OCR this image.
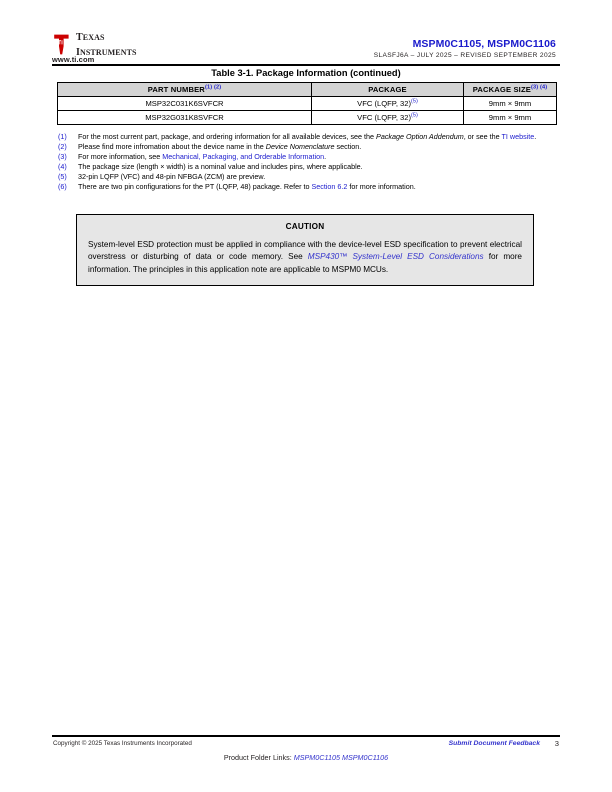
texas
instruments
www.ti.com
MSPM0C1105, MSPM0C1106
SLASFJ6A – JULY 2025 – REVISED SEPTEMBER 2025
Table 3-1. Package Information (continued)
PART NUMBER$^{(1) (2)}$	PACKAGE	PACKAGE SIZE$^{(3) (4)}$
MSP32C031K6SVFCR	VFC (LQFP, 32)$^{(5)}$	9mm × 9mm
MSP32G031K8SVFCR	VFC (LQFP, 32)$^{(5)}$	9mm × 9mm
(1)	For the most current part, package, and ordering information for all available devices, see the Package Option Addendum, or see the TI website.
(2)	Please find more infromation about the device name in the Device Nomenclature section.
(3)	For more information, see Mechanical, Packaging, and Orderable Information.
(4)	The package size (length × width) is a nominal value and includes pins, where applicable.
(5)	32-pin LQFP (VFC) and 48-pin NFBGA (ZCM) are preview.
(6)	There are two pin configurations for the PT (LQFP, 48) package. Refer to Section 6.2 for more information.
CAUTION
System-level ESD protection must be applied in compliance with the device-level ESD specification to prevent electrical overstress or disturbing of data or code memory. See MSP430™ System-Level ESD Considerations for more information. The principles in this application note are applicable to MSPM0 MCUs.
Copyright © 2025 Texas Instruments Incorporated	Submit Document Feedback 3
Product Folder Links: MSPM0C1105 MSPM0C1106
